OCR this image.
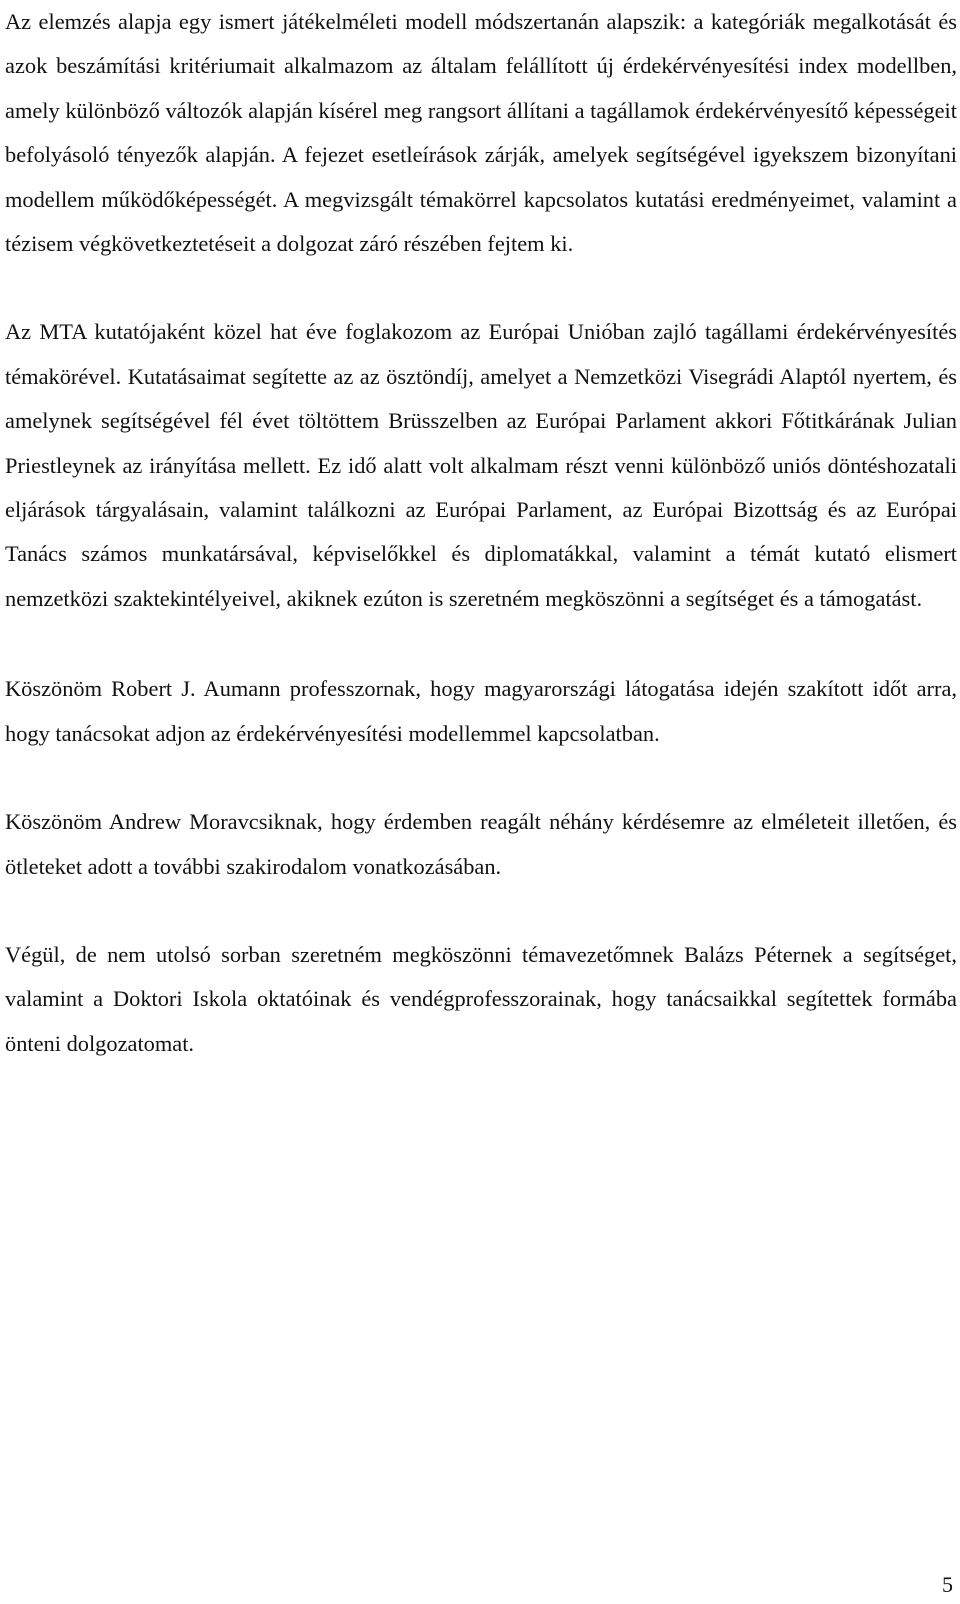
Az elemzés alapja egy ismert játékelméleti modell módszertanán alapszik: a kategóriák megalkotását és azok beszámítási kritériumait alkalmazom az általam felállított új érdekérvényesítési index modellben, amely különböző változók alapján kísérel meg rangsort állítani a tagállamok érdekérvényesítő képességeit befolyásoló tényezők alapján. A fejezet esetleírások zárják, amelyek segítségével igyekszem bizonyítani modellem működőképességét. A megvizsgált témakörrel kapcsolatos kutatási eredményeimet, valamint a tézisem végkövetkeztetéseit a dolgozat záró részében fejtem ki.

Az MTA kutatójaként közel hat éve foglakozom az Európai Unióban zajló tagállami érdekérvényesítés témakörével. Kutatásaimat segítette az az ösztöndíj, amelyet a Nemzetközi Visegrádi Alaptól nyertem, és amelynek segítségével fél évet töltöttem Brüsszelben az Európai Parlament akkori Főtitkárának Julian Priestleynek az irányítása mellett. Ez idő alatt volt alkalmam részt venni különböző uniós döntéshozatali eljárások tárgyalásain, valamint találkozni az Európai Parlament, az Európai Bizottság és az Európai Tanács számos munkatársával, képviselőkkel és diplomatákkal, valamint a témát kutató elismert nemzetközi szaktekintélyeivel, akiknek ezúton is szeretném megköszönni a segítséget és a támogatást.

Köszönöm Robert J. Aumann professzornak, hogy magyarországi látogatása idején szakított időt arra, hogy tanácsokat adjon az érdekérvényesítési modellemmel kapcsolatban.

Köszönöm Andrew Moravcsiknak, hogy érdemben reagált néhány kérdésemre az elméleteit illetően, és ötleteket adott a további szakirodalom vonatkozásában.

Végül, de nem utolsó sorban szeretném megköszönni témavezetőmnek Balázs Péternek a segítséget, valamint a Doktori Iskola oktatóinak és vendégprofesszorainak, hogy tanácsaikkal segítettek formába önteni dolgozatomat.

5
